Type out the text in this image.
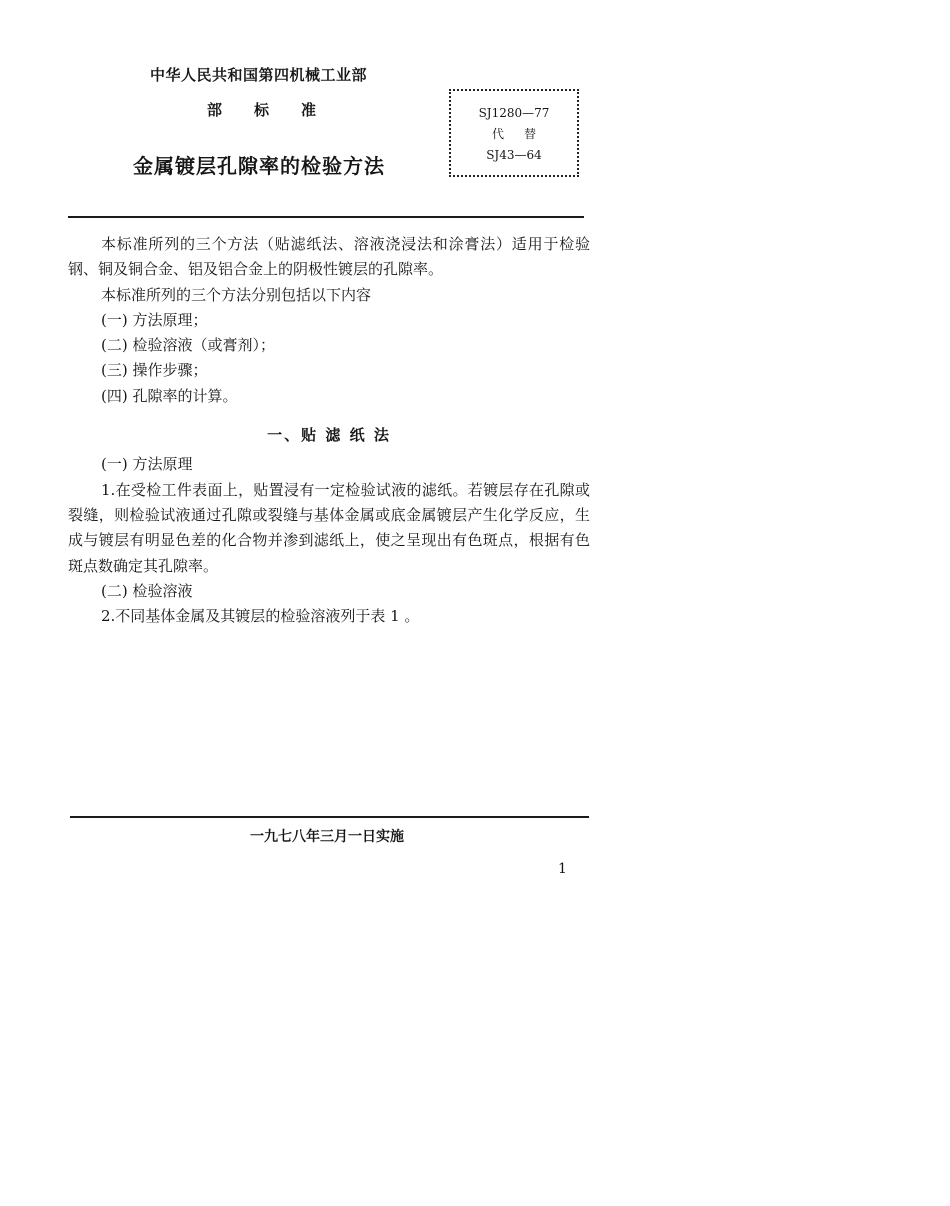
中华人民共和国第四机械工业部
部标准
金属镀层孔隙率的检验方法
SJ1280—77
代替
SJ43—64

本标准所列的三个方法（贴滤纸法、溶液浇浸法和涂膏法）适用于检验钢、铜及铜合金、铝及铝合金上的阴极性镀层的孔隙率。

本标准所列的三个方法分别包括以下内容

(一) 方法原理；

(二) 检验溶液（或膏剂）；

(三) 操作步骤；

(四) 孔隙率的计算。

一、贴 滤 纸 法

(一) 方法原理

1.在受检工件表面上，贴置浸有一定检验试液的滤纸。若镀层存在孔隙或裂缝，则检验试液通过孔隙或裂缝与基体金属或底金属镀层产生化学反应，生成与镀层有明显色差的化合物并渗到滤纸上，使之呈现出有色斑点，根据有色斑点数确定其孔隙率。

(二) 检验溶液

2.不同基体金属及其镀层的检验溶液列于表 1 。

一九七八年三月一日实施
1
